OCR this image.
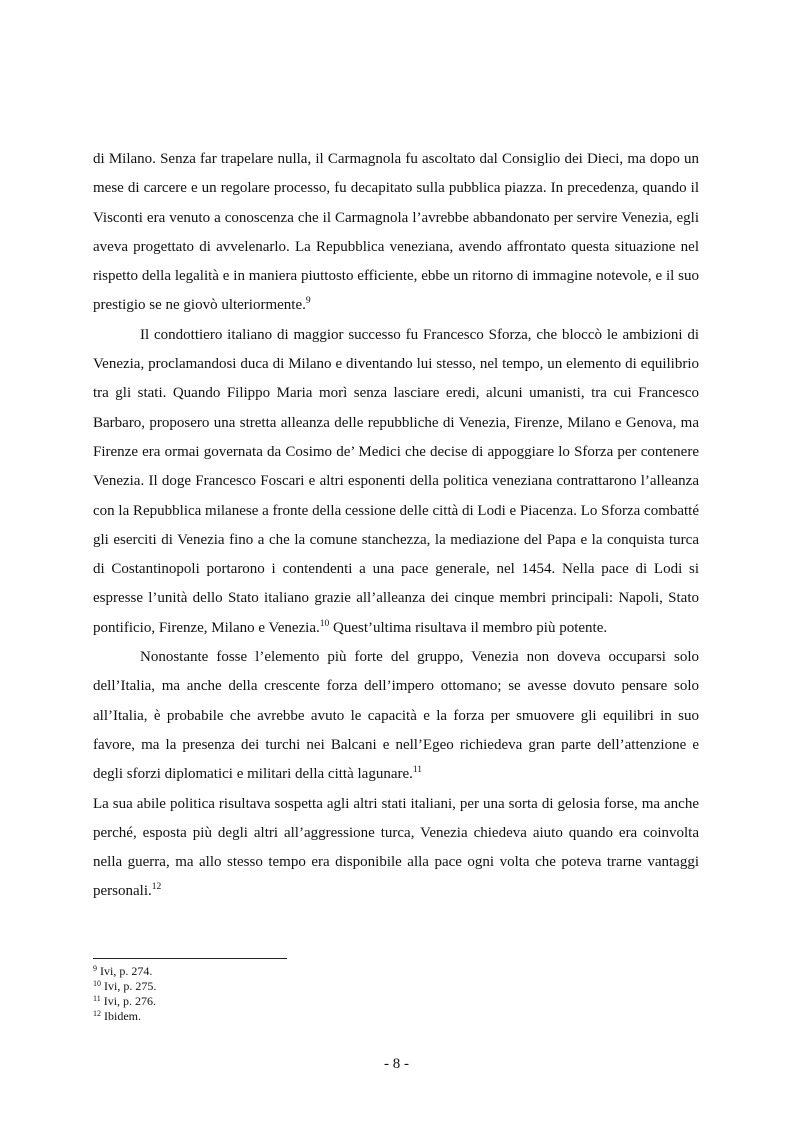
di Milano. Senza far trapelare nulla, il Carmagnola fu ascoltato dal Consiglio dei Dieci, ma dopo un mese di carcere e un regolare processo, fu decapitato sulla pubblica piazza. In precedenza, quando il Visconti era venuto a conoscenza che il Carmagnola l’avrebbe abbandonato per servire Venezia, egli aveva progettato di avvelenarlo. La Repubblica veneziana, avendo affrontato questa situazione nel rispetto della legalità e in maniera piuttosto efficiente, ebbe un ritorno di immagine notevole, e il suo prestigio se ne giovò ulteriormente.$^9$

Il condottiero italiano di maggior successo fu Francesco Sforza, che bloccò le ambizioni di Venezia, proclamandosi duca di Milano e diventando lui stesso, nel tempo, un elemento di equilibrio tra gli stati. Quando Filippo Maria morì senza lasciare eredi, alcuni umanisti, tra cui Francesco Barbaro, proposero una stretta alleanza delle repubbliche di Venezia, Firenze, Milano e Genova, ma Firenze era ormai governata da Cosimo de’ Medici che decise di appoggiare lo Sforza per contenere Venezia. Il doge Francesco Foscari e altri esponenti della politica veneziana contrattarono l’alleanza con la Repubblica milanese a fronte della cessione delle città di Lodi e Piacenza. Lo Sforza combatté gli eserciti di Venezia fino a che la comune stanchezza, la mediazione del Papa e la conquista turca di Costantinopoli portarono i contendenti a una pace generale, nel 1454. Nella pace di Lodi si espresse l’unità dello Stato italiano grazie all’alleanza dei cinque membri principali: Napoli, Stato pontificio, Firenze, Milano e Venezia.$^{10}$ Quest’ultima risultava il membro più potente.

Nonostante fosse l’elemento più forte del gruppo, Venezia non doveva occuparsi solo dell’Italia, ma anche della crescente forza dell’impero ottomano; se avesse dovuto pensare solo all’Italia, è probabile che avrebbe avuto le capacità e la forza per smuovere gli equilibri in suo favore, ma la presenza dei turchi nei Balcani e nell’Egeo richiedeva gran parte dell’attenzione e degli sforzi diplomatici e militari della città lagunare.$^{11}$

La sua abile politica risultava sospetta agli altri stati italiani, per una sorta di gelosia forse, ma anche perché, esposta più degli altri all’aggressione turca, Venezia chiedeva aiuto quando era coinvolta nella guerra, ma allo stesso tempo era disponibile alla pace ogni volta che poteva trarne vantaggi personali.$^{12}$

$^9$ Ivi, p. 274.
$^{10}$ Ivi, p. 275.
$^{11}$ Ivi, p. 276.
$^{12}$ Ibidem.
- 8 -
